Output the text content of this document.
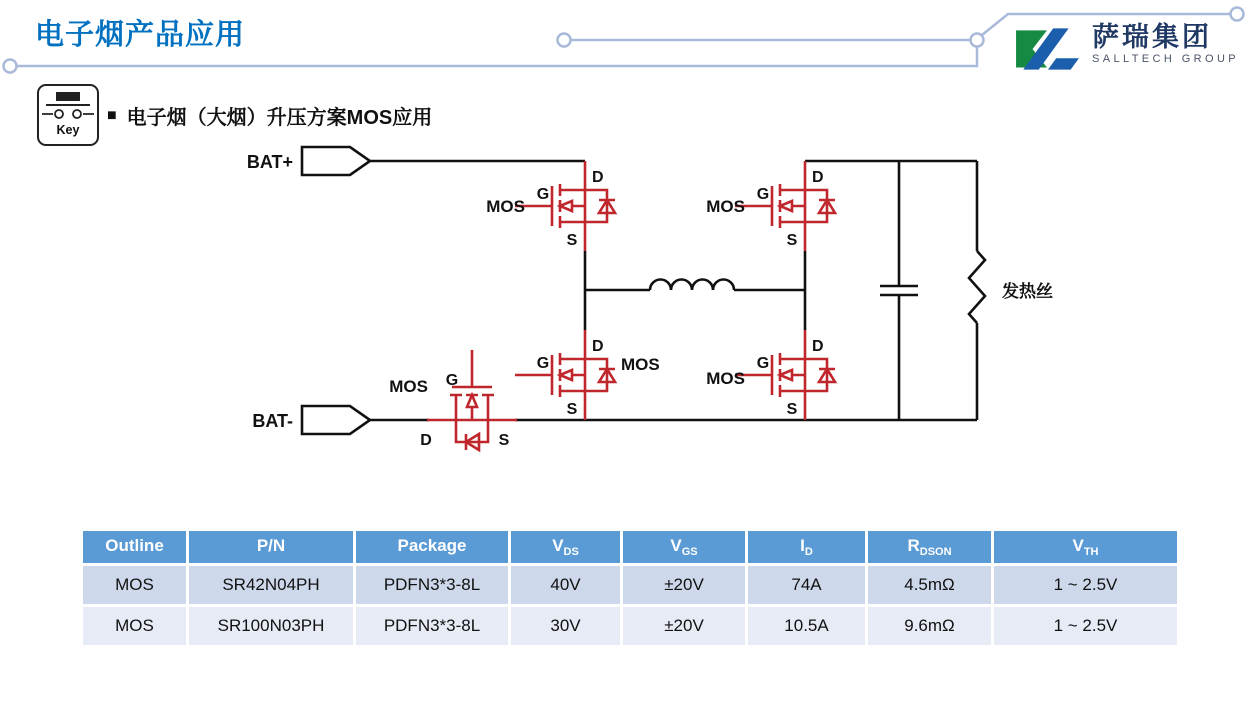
电子烟产品应用	萨瑞集团
SALLTECH GROUP
Key
■ 电子烟（大烟）升压方案MOS应用
BAT+
BAT-
发热丝
G
D
S
MOS
G
D
S
MOS
G
D
S
MOS	G
D
S
MOS
G
D	S
MOS
Outline	P/N	Package	$V_{DS}$	$V_{GS}$	$I_D$	$R_{DSON}$	$V_{TH}$
MOS	SR42N04PH	PDFN3*3-8L	40V	±20V	74A	4.5mΩ	1 ~ 2.5V
MOS	SR100N03PH	PDFN3*3-8L	30V	±20V	10.5A	9.6mΩ	1 ~ 2.5V
